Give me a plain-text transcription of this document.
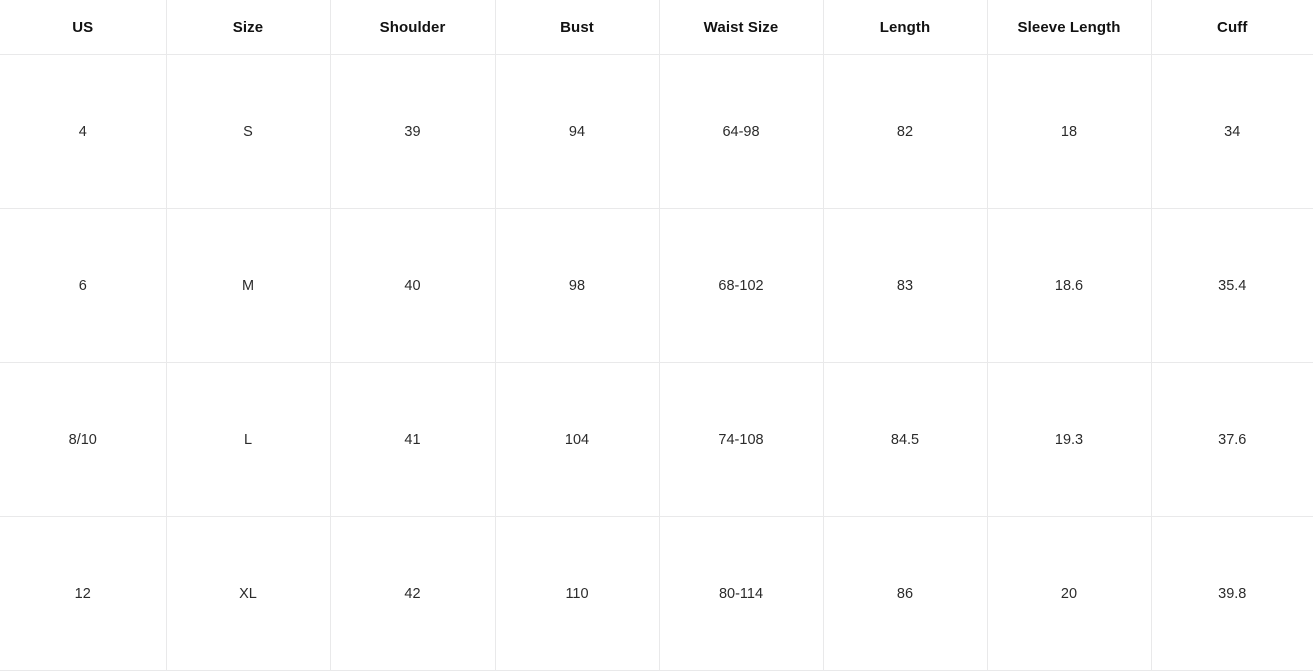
US	Size	Shoulder	Bust	Waist Size	Length	Sleeve Length	Cuff
4	S	39	94	64-98	82	18	34
6	M	40	98	68-102	83	18.6	35.4
8/10	L	41	104	74-108	84.5	19.3	37.6
12	XL	42	110	80-114	86	20	39.8
